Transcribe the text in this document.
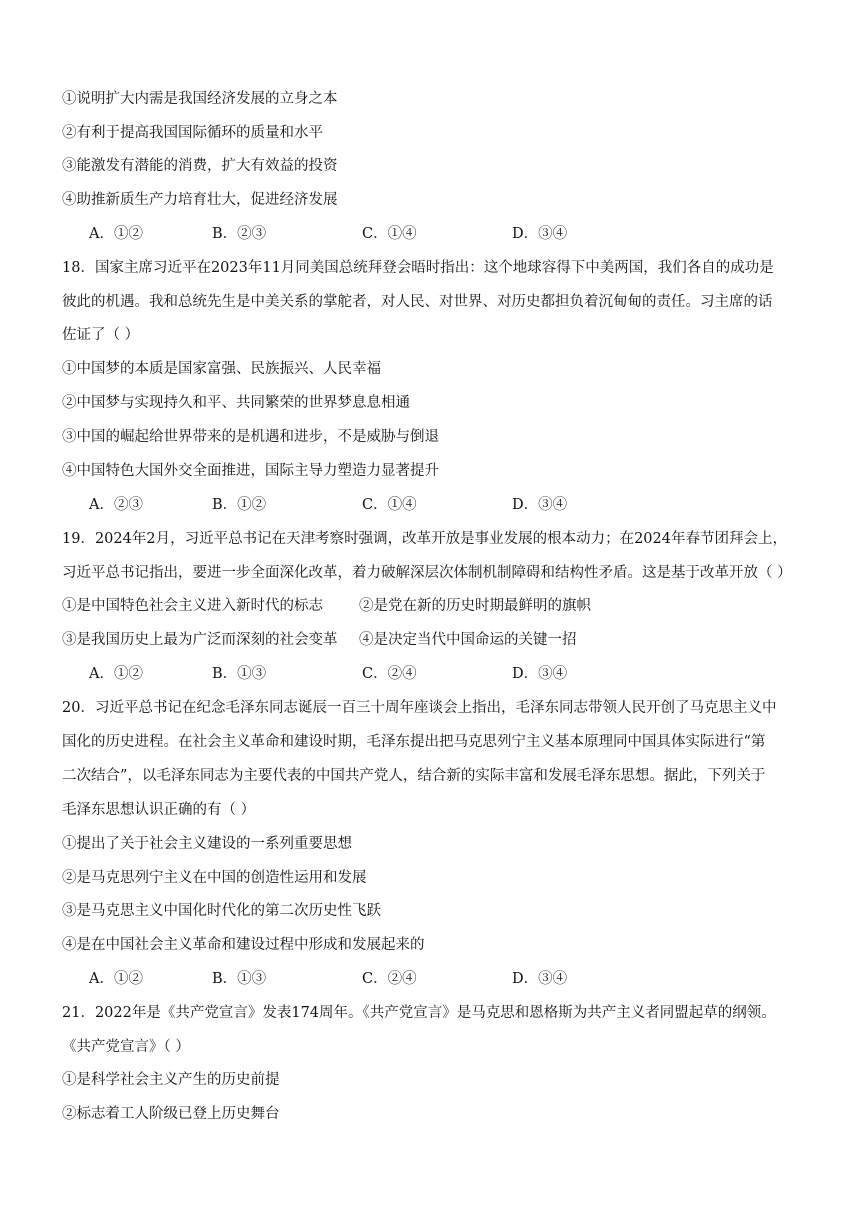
①说明扩大内需是我国经济发展的立身之本
②有利于提高我国国际循环的质量和水平
③能激发有潜能的消费，扩大有效益的投资
④助推新质生产力培育壮大，促进经济发展
A．①②	B．②③	C．①④	D．③④
18．国家主席习近平在2023年11月同美国总统拜登会晤时指出：这个地球容得下中美两国，我们各自的成功是
彼此的机遇。我和总统先生是中美关系的掌舵者，对人民、对世界、对历史都担负着沉甸甸的责任。习主席的话
佐证了（ ）
①中国梦的本质是国家富强、民族振兴、人民幸福
②中国梦与实现持久和平、共同繁荣的世界梦息息相通
③中国的崛起给世界带来的是机遇和进步，不是威胁与倒退
④中国特色大国外交全面推进，国际主导力塑造力显著提升
A．②③	B．①②	C．①④	D．③④
19．2024年2月，习近平总书记在天津考察时强调，改革开放是事业发展的根本动力；在2024年春节团拜会上，
习近平总书记指出，要进一步全面深化改革，着力破解深层次体制机制障碍和结构性矛盾。这是基于改革开放（ ）
①是中国特色社会主义进入新时代的标志 ②是党在新的历史时期最鲜明的旗帜
③是我国历史上最为广泛而深刻的社会变革 ④是决定当代中国命运的关键一招
A．①②	B．①③	C．②④	D．③④
20．习近平总书记在纪念毛泽东同志诞辰一百三十周年座谈会上指出，毛泽东同志带领人民开创了马克思主义中
国化的历史进程。在社会主义革命和建设时期，毛泽东提出把马克思列宁主义基本原理同中国具体实际进行“第
二次结合”，以毛泽东同志为主要代表的中国共产党人，结合新的实际丰富和发展毛泽东思想。据此，下列关于
毛泽东思想认识正确的有（ ）
①提出了关于社会主义建设的一系列重要思想
②是马克思列宁主义在中国的创造性运用和发展
③是马克思主义中国化时代化的第二次历史性飞跃
④是在中国社会主义革命和建设过程中形成和发展起来的
A．①②	B．①③	C．②④	D．③④
21．2022年是《共产党宣言》发表174周年。《共产党宣言》是马克思和恩格斯为共产主义者同盟起草的纲领。
《共产党宣言》（ ）
①是科学社会主义产生的历史前提
②标志着工人阶级已登上历史舞台
